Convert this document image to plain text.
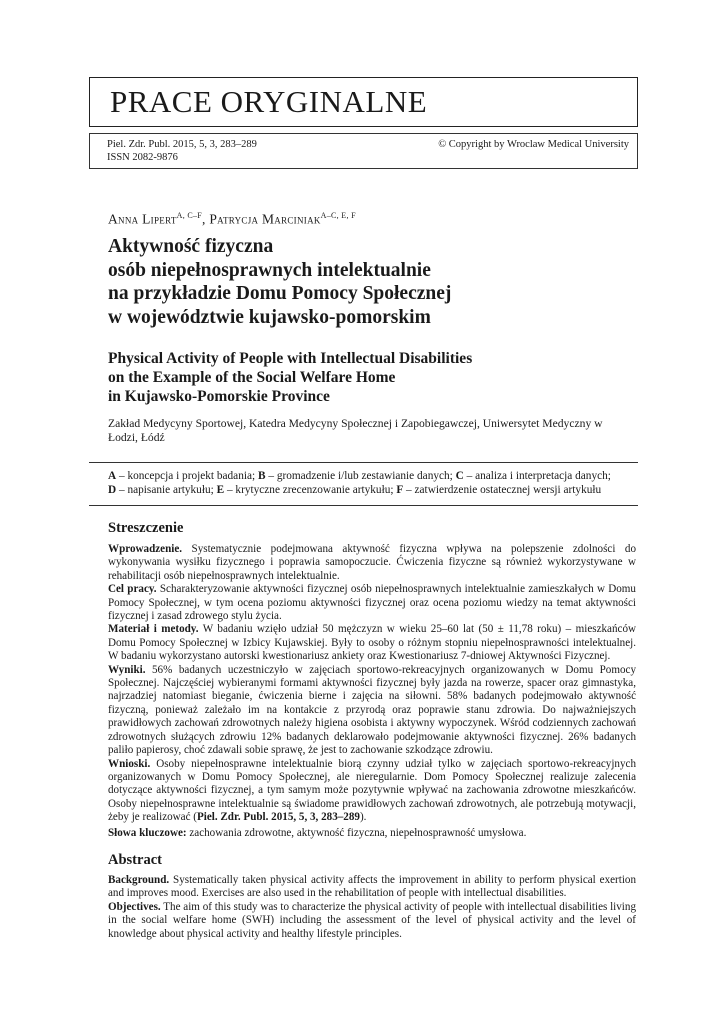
PRACE ORYGINALNE
Piel. Zdr. Publ. 2015, 5, 3, 283–289
ISSN 2082-9876
© Copyright by Wroclaw Medical University
Anna Lipert$^{A, C-F}$, Patrycja Marciniak$^{A-C, E, F}$
Aktywność fizyczna
osób niepełnosprawnych intelektualnie
na przykładzie Domu Pomocy Społecznej
w województwie kujawsko-pomorskim
Physical Activity of People with Intellectual Disabilities
on the Example of the Social Welfare Home
in Kujawsko-Pomorskie Province
Zakład Medycyny Sportowej, Katedra Medycyny Społecznej i Zapobiegawczej, Uniwersytet Medyczny w Łodzi, Łódź
A – koncepcja i projekt badania; B – gromadzenie i/lub zestawianie danych; C – analiza i interpretacja danych;
D – napisanie artykułu; E – krytyczne zrecenzowanie artykułu; F – zatwierdzenie ostatecznej wersji artykułu
Streszczenie
Wprowadzenie. Systematycznie podejmowana aktywność fizyczna wpływa na polepszenie zdolności do wykonywania wysiłku fizycznego i poprawia samopoczucie. Ćwiczenia fizyczne są również wykorzystywane w rehabilitacji osób niepełnosprawnych intelektualnie.
Cel pracy. Scharakteryzowanie aktywności fizycznej osób niepełnosprawnych intelektualnie zamieszkałych w Domu Pomocy Społecznej, w tym ocena poziomu aktywności fizycznej oraz ocena poziomu wiedzy na temat aktywności fizycznej i zasad zdrowego stylu życia.
Materiał i metody. W badaniu wzięło udział 50 mężczyzn w wieku 25–60 lat (50 ± 11,78 roku) – mieszkańców Domu Pomocy Społecznej w Izbicy Kujawskiej. Były to osoby o różnym stopniu niepełnosprawności intelektualnej. W badaniu wykorzystano autorski kwestionariusz ankiety oraz Kwestionariusz 7-dniowej Aktywności Fizycznej.
Wyniki. 56% badanych uczestniczyło w zajęciach sportowo-rekreacyjnych organizowanych w Domu Pomocy Społecznej. Najczęściej wybieranymi formami aktywności fizycznej były jazda na rowerze, spacer oraz gimnastyka, najrzadziej natomiast bieganie, ćwiczenia bierne i zajęcia na siłowni. 58% badanych podejmowało aktywność fizyczną, ponieważ zależało im na kontakcie z przyrodą oraz poprawie stanu zdrowia. Do najważniejszych prawidłowych zachowań zdrowotnych należy higiena osobista i aktywny wypoczynek. Wśród codziennych zachowań zdrowotnych służących zdrowiu 12% badanych deklarowało podejmowanie aktywności fizycznej. 26% badanych paliło papierosy, choć zdawali sobie sprawę, że jest to zachowanie szkodzące zdrowiu.
Wnioski. Osoby niepełnosprawne intelektualnie biorą czynny udział tylko w zajęciach sportowo-rekreacyjnych organizowanych w Domu Pomocy Społecznej, ale nieregularnie. Dom Pomocy Społecznej realizuje zalecenia dotyczące aktywności fizycznej, a tym samym może pozytywnie wpływać na zachowania zdrowotne mieszkańców. Osoby niepełnosprawne intelektualnie są świadome prawidłowych zachowań zdrowotnych, ale potrzebują motywacji, żeby je realizować (Piel. Zdr. Publ. 2015, 5, 3, 283–289).
Słowa kluczowe: zachowania zdrowotne, aktywność fizyczna, niepełnosprawność umysłowa.
Abstract
Background. Systematically taken physical activity affects the improvement in ability to perform physical exertion and improves mood. Exercises are also used in the rehabilitation of people with intellectual disabilities.
Objectives. The aim of this study was to characterize the physical activity of people with intellectual disabilities living in the social welfare home (SWH) including the assessment of the level of physical activity and the level of knowledge about physical activity and healthy lifestyle principles.
